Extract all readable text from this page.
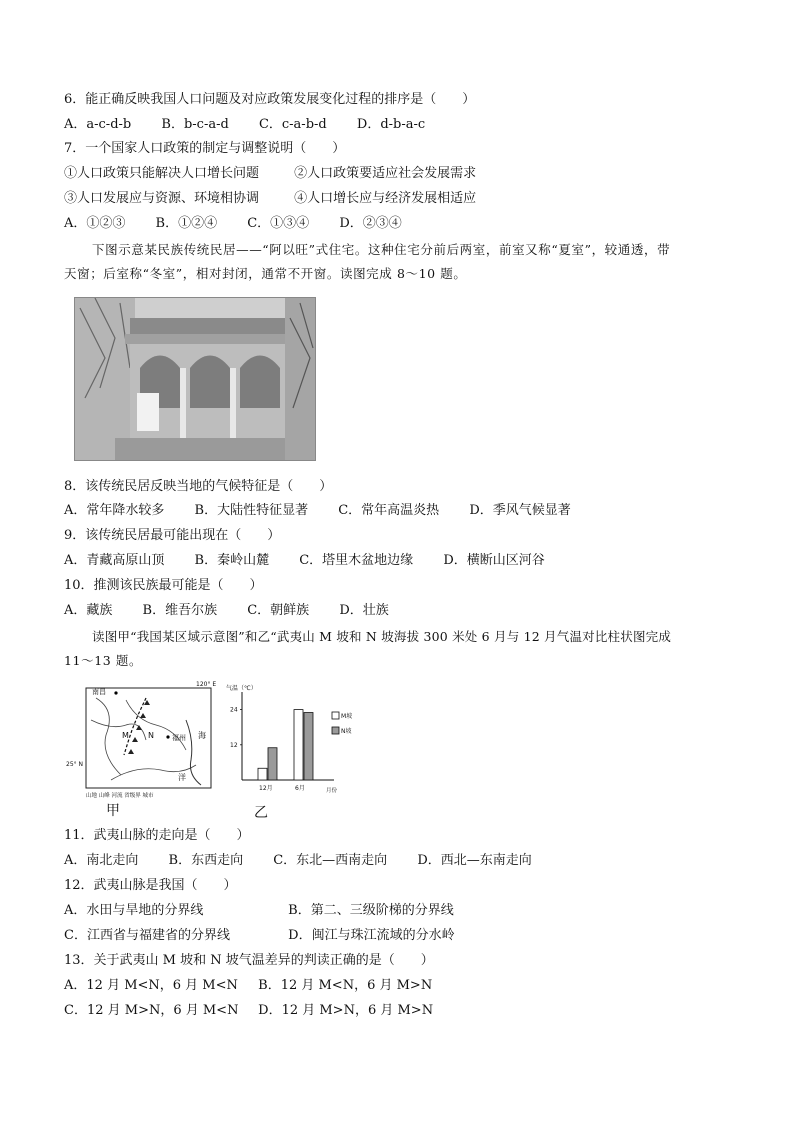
6．能正确反映我国人口问题及对应政策发展变化过程的排序是（　　）
A．a-c-d-b B．b-c-a-d C．c-a-b-d D．d-b-a-c
7．一个国家人口政策的制定与调整说明（　　）
①人口政策只能解决人口增长问题	②人口政策要适应社会发展需求
③人口发展应与资源、环境相协调	④人口增长应与经济发展相适应
A．①②③ B．①②④ C．①③④ D．②③④
下图示意某民族传统民居——“阿以旺”式住宅。这种住宅分前后两室，前室又称“夏室”，较通透，带
天窗；后室称“冬室”，相对封闭，通常不开窗。读图完成 8～10 题。
8．该传统民居反映当地的气候特征是（　　）
A．常年降水较多 B．大陆性特征显著 C．常年高温炎热 D．季风气候显著
9．该传统民居最可能出现在（　　）
A．青藏高原山顶 B．秦岭山麓 C．塔里木盆地边缘 D．横断山区河谷
10．推测该民族最可能是（　　）
A．藏族 B．维吾尔族 C．朝鲜族 D．壮族
读图甲“我国某区域示意图”和乙“武夷山 M 坡和 N 坡海拔 300 米处 6 月与 12 月气温对比柱状图完成
11～13 题。
120° E
25° N
南昌
福州
M N	海
洋
山地 山峰 河流 省级界 城市
甲
气温（℃）
12
24
12月	6月	月份
M坡
N坡
乙
11．武夷山脉的走向是（　　）
A．南北走向 B．东西走向 C．东北—西南走向 D．西北—东南走向
12．武夷山脉是我国（　　）
A．水田与旱地的分界线	B．第二、三级阶梯的分界线
C．江西省与福建省的分界线	D．闽江与珠江流域的分水岭
13．关于武夷山 M 坡和 N 坡气温差异的判读正确的是（　　）
A．12 月 M<N，6 月 M<N B．12 月 M<N，6 月 M>N
C．12 月 M>N，6 月 M<N D．12 月 M>N，6 月 M>N
